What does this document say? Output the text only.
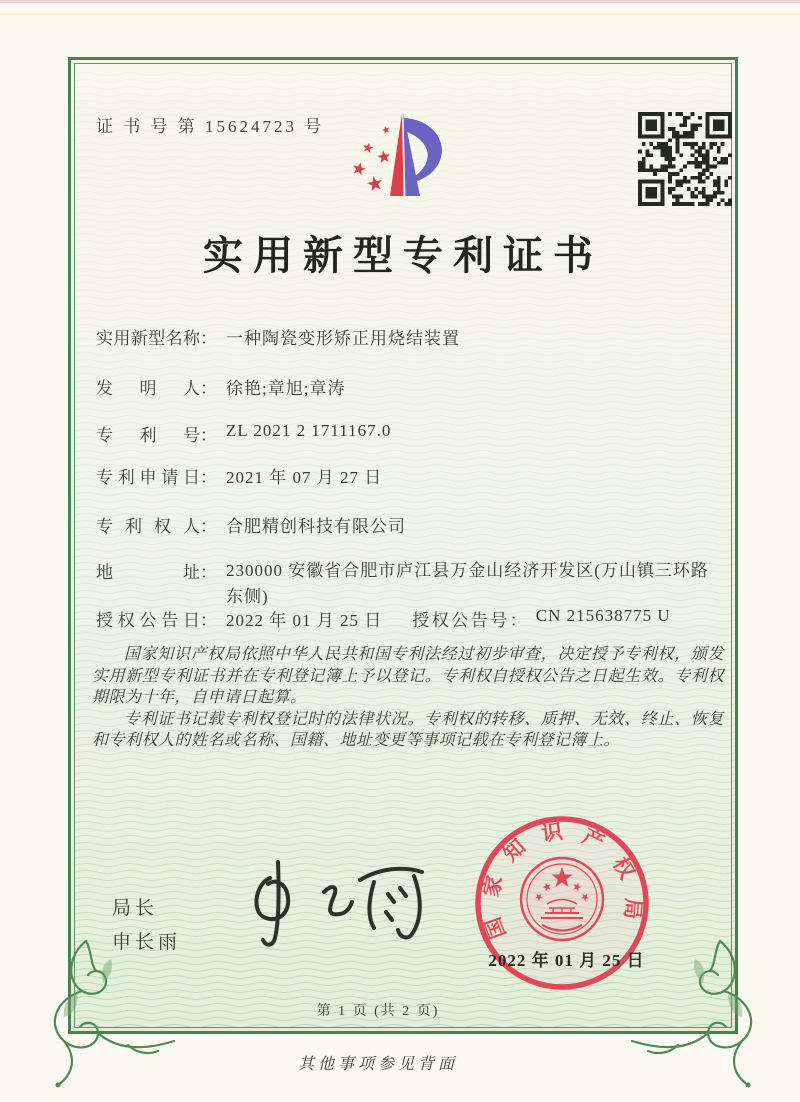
证 书 号 第 15624723 号
实用新型专利证书
实用新型名称： 一种陶瓷变形矫正用烧结装置
发明人： 徐艳;章旭;章涛
专利号： ZL 2021 2 1711167.0
专利申请日： 2021 年 07 月 27 日
专利权人： 合肥精创科技有限公司
地址： 230000 安徽省合肥市庐江县万金山经济开发区(万山镇三环路东侧)
授权公告日： 2022 年 01 月 25 日 授权公告号： CN 215638775 U

国家知识产权局依照中华人民共和国专利法经过初步审查，决定授予专利权，颁发实用新型专利证书并在专利登记簿上予以登记。专利权自授权公告之日起生效。专利权期限为十年，自申请日起算。

专利证书记载专利权登记时的法律状况。专利权的转移、质押、无效、终止、恢复和专利权人的姓名或名称、国籍、地址变更等事项记载在专利登记簿上。

局长
申长雨
国家知识产权局
2022 年 01 月 25 日
第 1 页 (共 2 页)
其他事项参见背面
